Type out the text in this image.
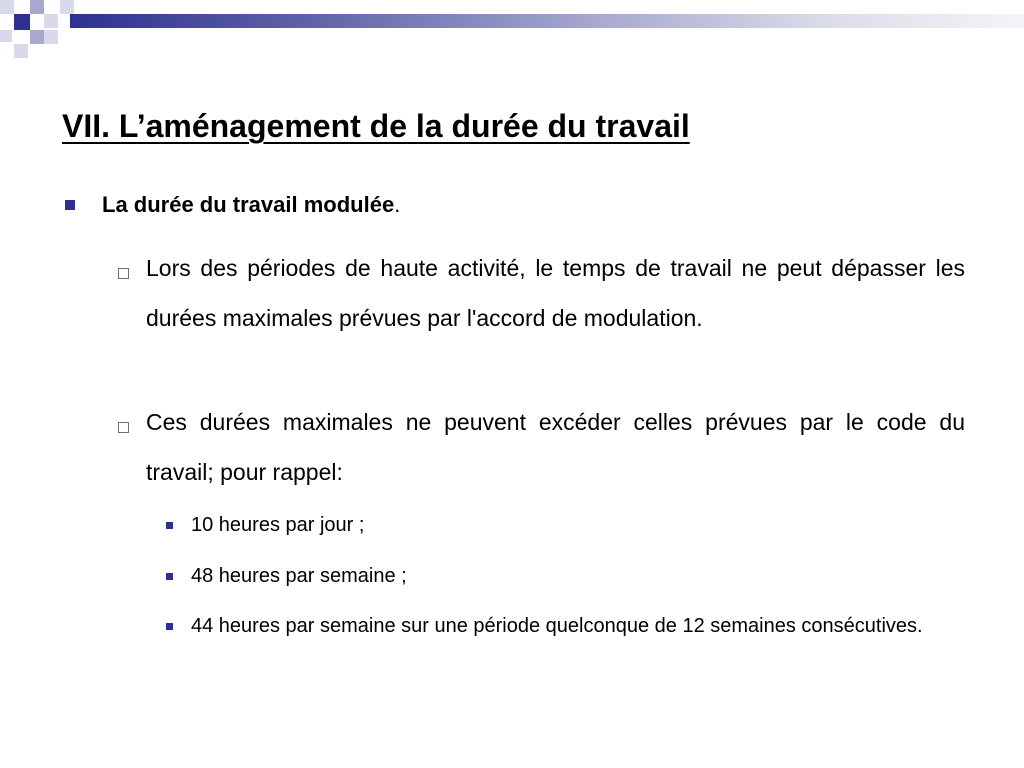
VII. L’aménagement de la durée du travail
La durée du travail modulée.
Lors des périodes de haute activité, le temps de travail ne peut dépasser les durées maximales prévues par l'accord de modulation.
Ces durées maximales ne peuvent excéder celles prévues par le code du travail; pour rappel:
10 heures par jour ;
48 heures par semaine ;
44 heures par semaine sur une période quelconque de 12 semaines consécutives.
